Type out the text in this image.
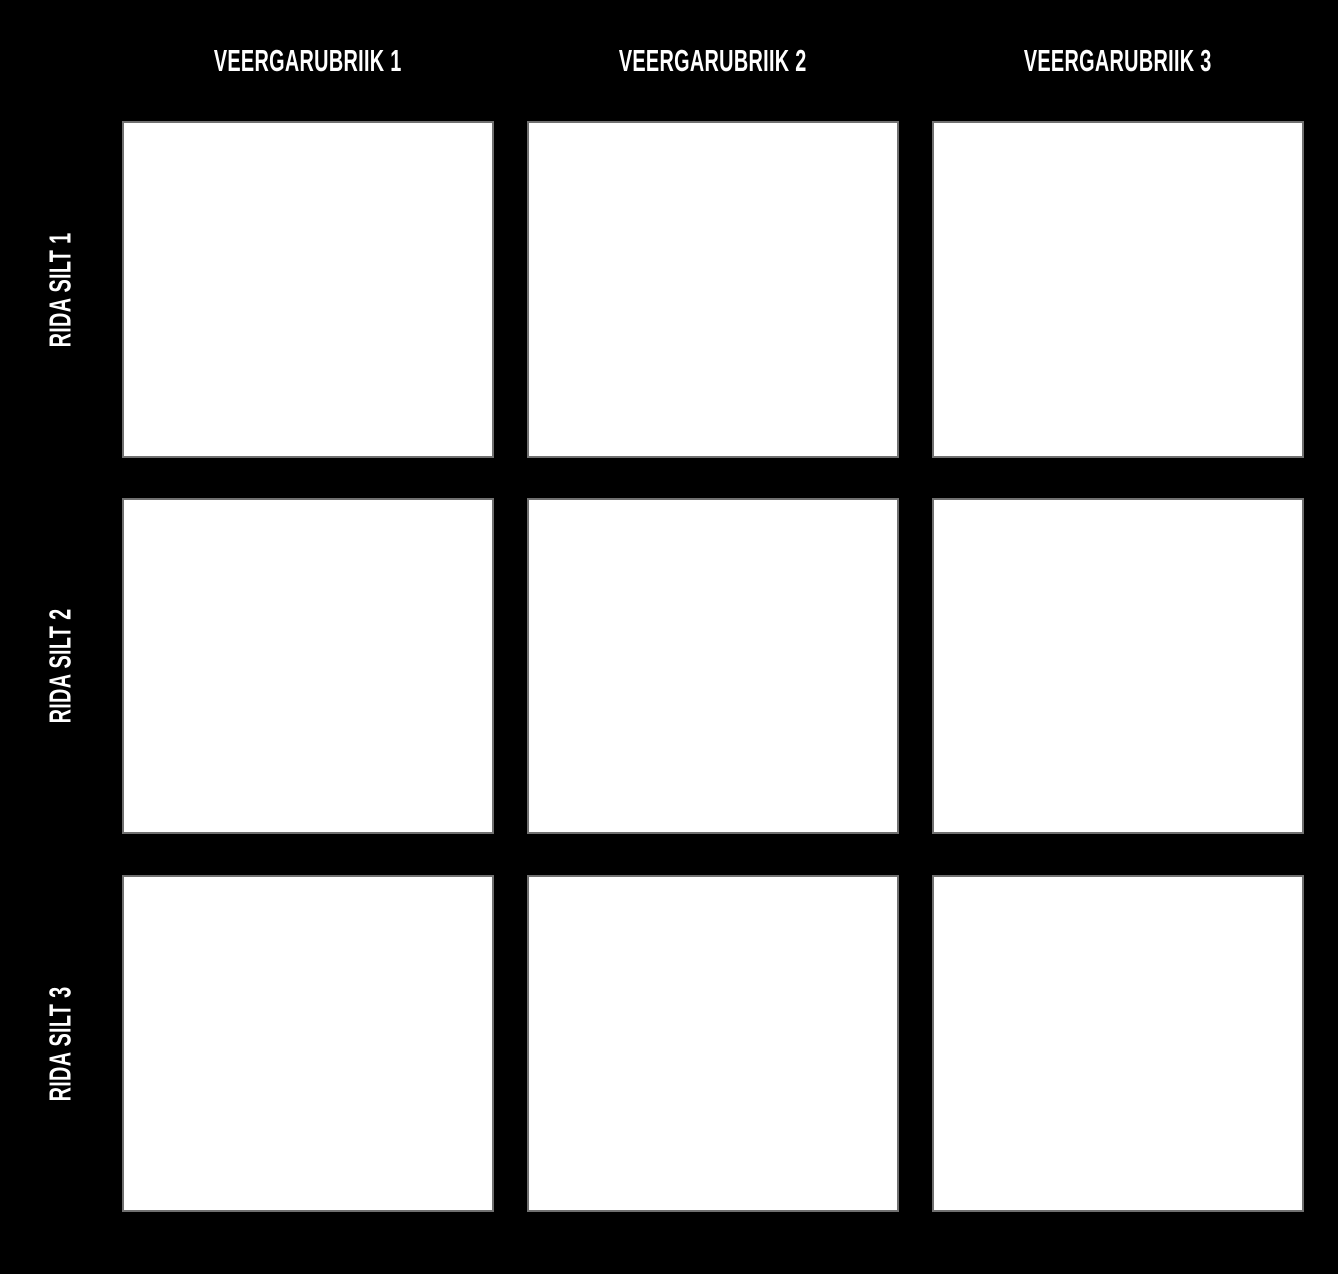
VEERGARUBRIIK 1	VEERGARUBRIIK 2	VEERGARUBRIIK 3
RIDA SILT 1
RIDA SILT 2
RIDA SILT 3
